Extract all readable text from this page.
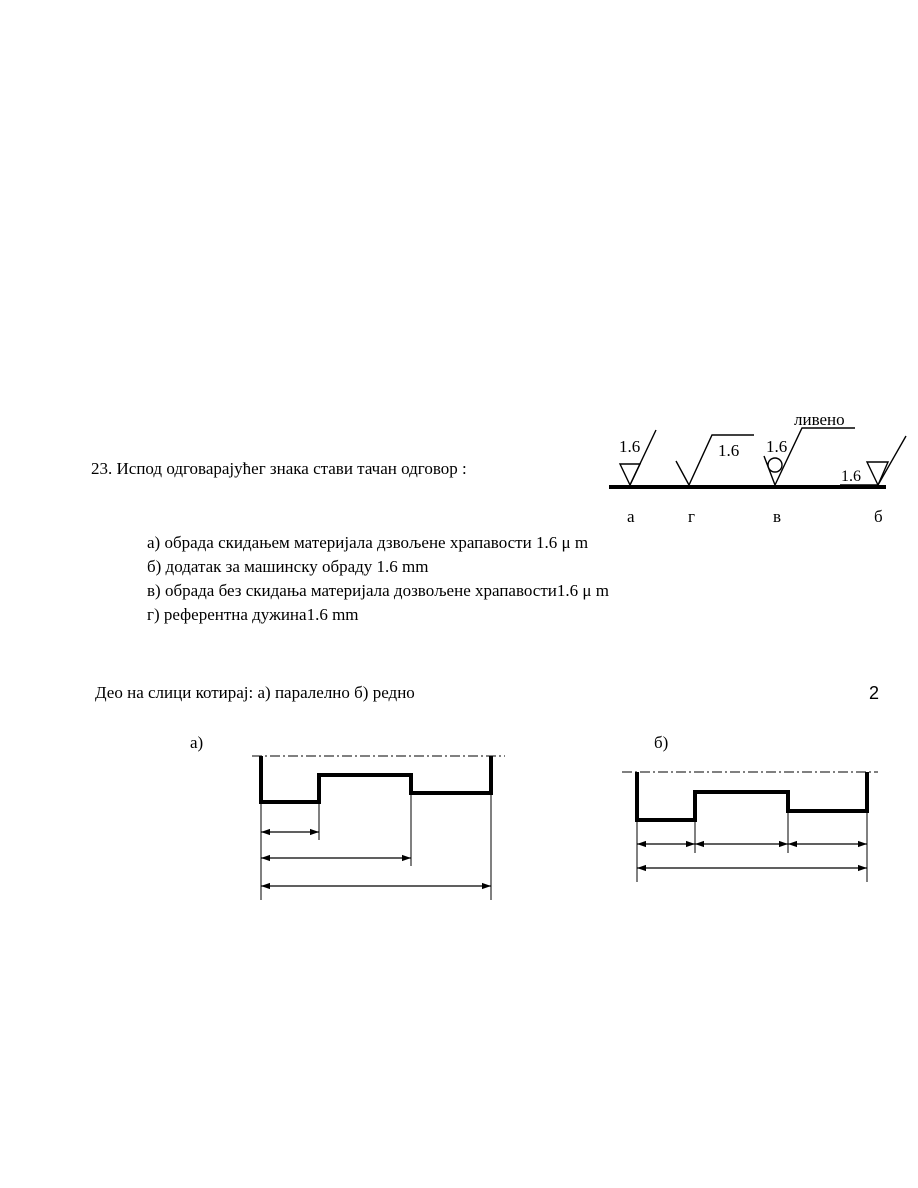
23. Испод одговарајућег знака стави тачан одговор :
1.6	1.6 1.6
ливено
1.6
а	г	в	б
а) обрада скидањем материјала дзвољене храпавости 1.6 μ m
б) додатак за машинску обраду 1.6 mm
в) обрада без скидања материјала дозвољене храпавости1.6 μ m
г) референтна дужина1.6 mm
Део на слици котирај: а) паралелно б) редно	2
а)	б)
